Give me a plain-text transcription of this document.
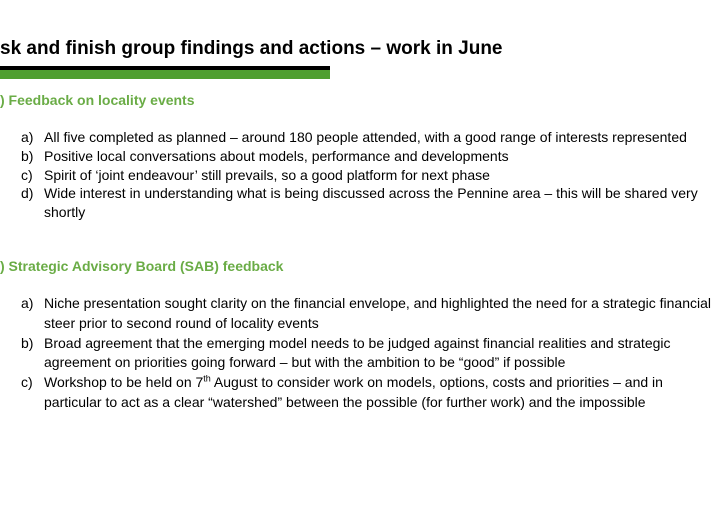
sk and finish group findings and actions – work in June
) Feedback on locality events
a) All five completed as planned – around 180 people attended, with a good range of interests represented
b) Positive local conversations about models, performance and developments
c) Spirit of ‘joint endeavour’ still prevails, so a good platform for next phase
d) Wide interest in understanding what is being discussed across the Pennine area – this will be shared very shortly
) Strategic Advisory Board (SAB) feedback
a) Niche presentation sought clarity on the financial envelope, and highlighted the need for a strategic financial steer prior to second round of locality events
b) Broad agreement that the emerging model needs to be judged against financial realities and strategic agreement on priorities going forward – but with the ambition to be “good” if possible
c) Workshop to be held on 7th August to consider work on models, options, costs and priorities – and in particular to act as a clear “watershed” between the possible (for further work) and the impossible
